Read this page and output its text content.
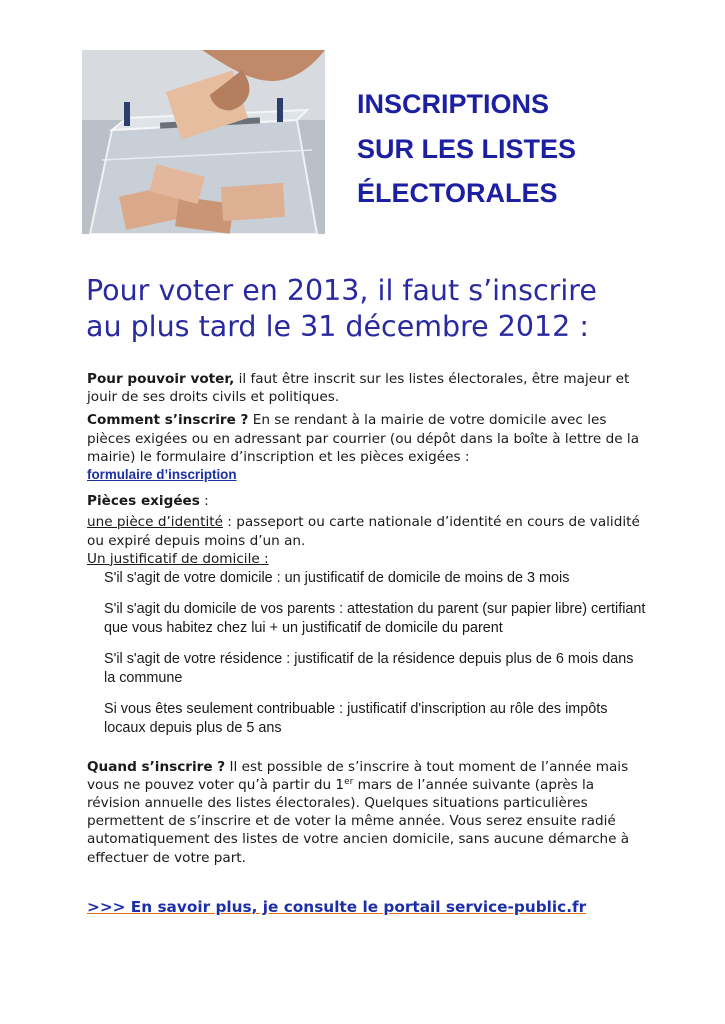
INSCRIPTIONS
SUR LES LISTES
ÉLECTORALES
Pour voter en 2013, il faut s’inscrire
au plus tard le 31 décembre 2012 :

Pour pouvoir voter, il faut être inscrit sur les listes électorales, être majeur et jouir de ses droits civils et politiques.

Comment s’inscrire ? En se rendant à la mairie de votre domicile avec les pièces exigées ou en adressant par courrier (ou dépôt dans la boîte à lettre de la mairie) le formulaire d’inscription et les pièces exigées :

formulaire d’inscription

Pièces exigées :

une pièce d’identité : passeport ou carte nationale d’identité en cours de validité ou expiré depuis moins d’un an.

Un justificatif de domicile :

S'il s'agit de votre domicile : un justificatif de domicile de moins de 3 mois
S'il s'agit du domicile de vos parents : attestation du parent (sur papier libre) certifiant que vous habitez chez lui + un justificatif de domicile du parent
S'il s'agit de votre résidence : justificatif de la résidence depuis plus de 6 mois dans la commune
Si vous êtes seulement contribuable : justificatif d'inscription au rôle des impôts locaux depuis plus de 5 ans

Quand s’inscrire ? Il est possible de s’inscrire à tout moment de l’année mais vous ne pouvez voter qu’à partir du 1er mars de l’année suivante (après la révision annuelle des listes électorales). Quelques situations particulières permettent de s’inscrire et de voter la même année. Vous serez ensuite radié automatiquement des listes de votre ancien domicile, sans aucune démarche à effectuer de votre part.

>>> En savoir plus, je consulte le portail service-public.fr
